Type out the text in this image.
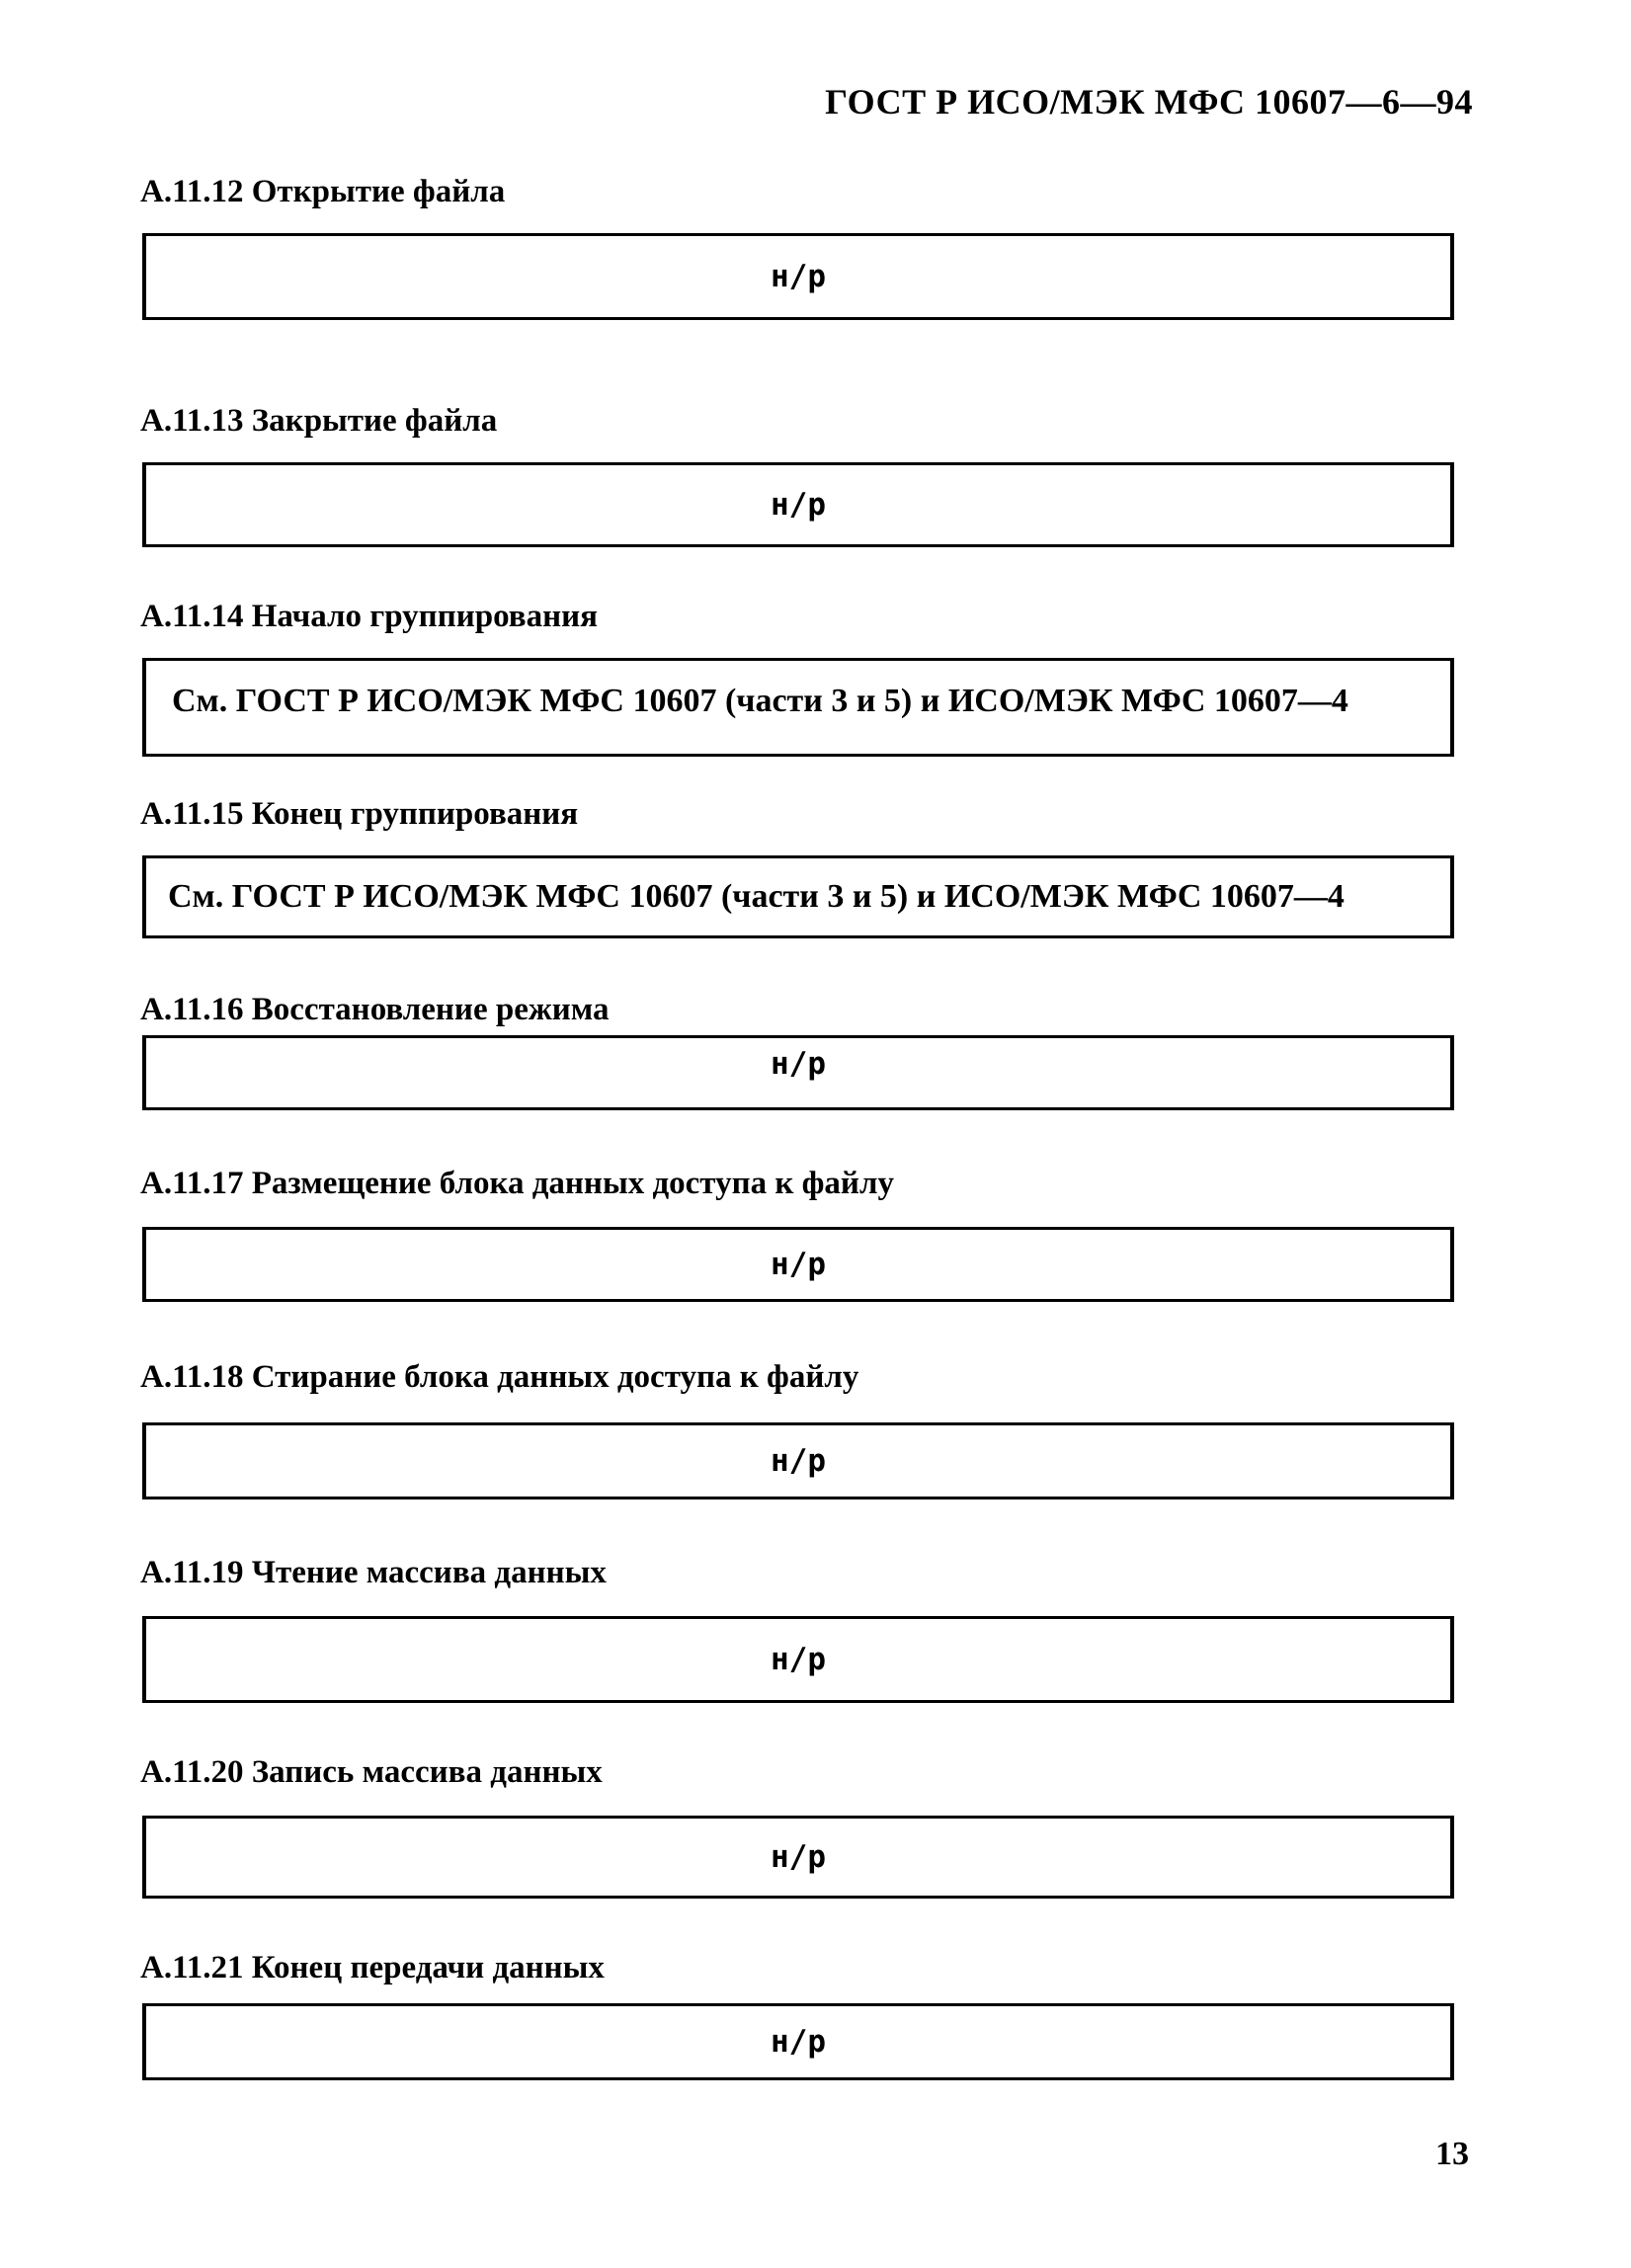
ГОСТ Р ИСО/МЭК МФС 10607—6—94
A.11.12 Открытие файла
н/р
A.11.13 Закрытие файла
н/р
A.11.14 Начало группирования
См. ГОСТ Р ИСО/МЭК МФС 10607 (части 3 и 5) и ИСО/МЭК МФС 10607—4
A.11.15 Конец группирования
См. ГОСТ Р ИСО/МЭК МФС 10607 (части 3 и 5) и ИСО/МЭК МФС 10607—4
A.11.16 Восстановление режима
н/р
A.11.17 Размещение блока данных доступа к файлу
н/р
A.11.18 Стирание блока данных доступа к файлу
н/р
A.11.19 Чтение массива данных
н/р
A.11.20 Запись массива данных
н/р
A.11.21 Конец передачи данных
н/р
13
